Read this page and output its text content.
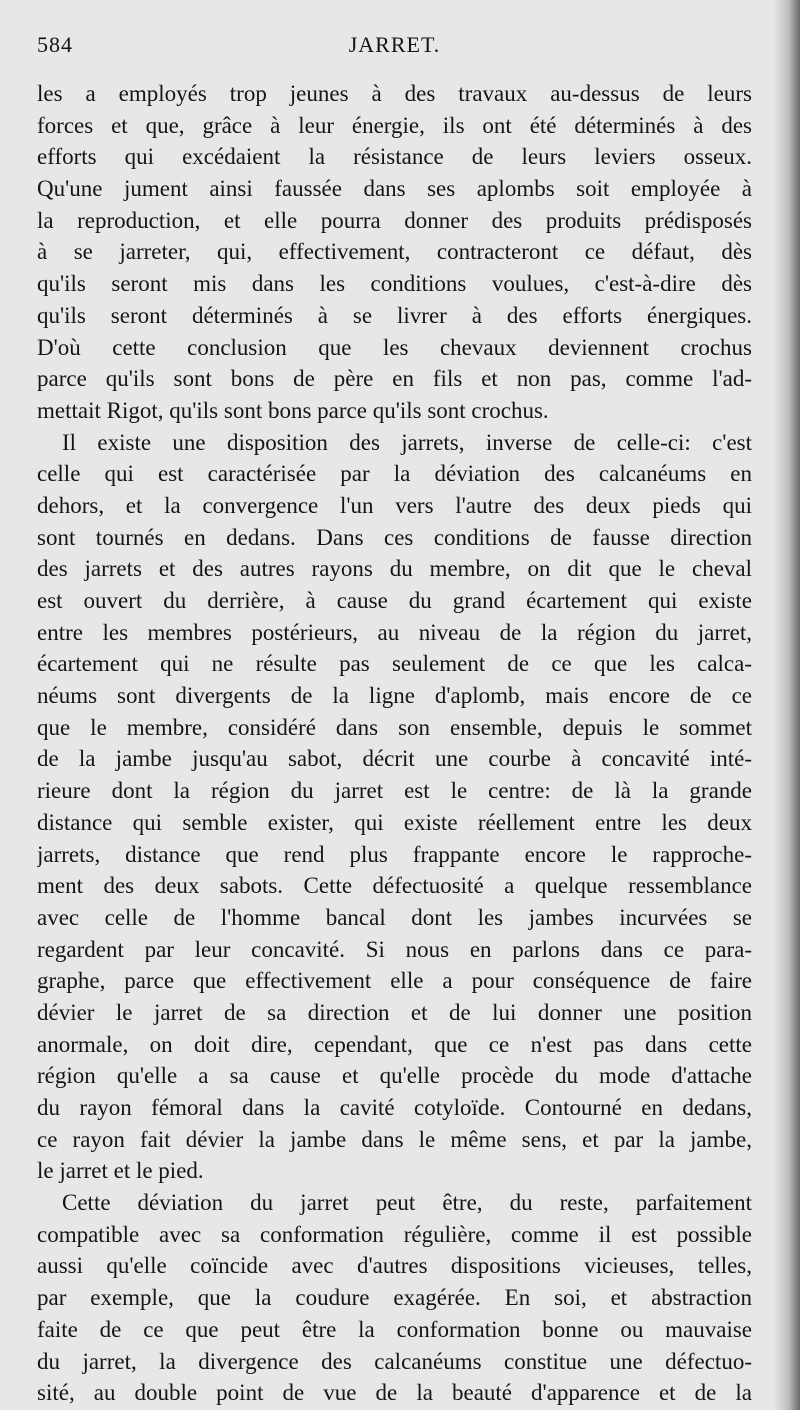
584	JARRET.
les a employés trop jeunes à des travaux au-dessus de leurs
forces et que, grâce à leur énergie, ils ont été déterminés à des
efforts qui excédaient la résistance de leurs leviers osseux.
Qu'une jument ainsi faussée dans ses aplombs soit employée à
la reproduction, et elle pourra donner des produits prédisposés
à se jarreter, qui, effectivement, contracteront ce défaut, dès
qu'ils seront mis dans les conditions voulues, c'est-à-dire dès
qu'ils seront déterminés à se livrer à des efforts énergiques.
D'où cette conclusion que les chevaux deviennent crochus
parce qu'ils sont bons de père en fils et non pas, comme l'ad-
mettait Rigot, qu'ils sont bons parce qu'ils sont crochus.
Il existe une disposition des jarrets, inverse de celle-ci: c'est
celle qui est caractérisée par la déviation des calcanéums en
dehors, et la convergence l'un vers l'autre des deux pieds qui
sont tournés en dedans. Dans ces conditions de fausse direction
des jarrets et des autres rayons du membre, on dit que le cheval
est ouvert du derrière, à cause du grand écartement qui existe
entre les membres postérieurs, au niveau de la région du jarret,
écartement qui ne résulte pas seulement de ce que les calca-
néums sont divergents de la ligne d'aplomb, mais encore de ce
que le membre, considéré dans son ensemble, depuis le sommet
de la jambe jusqu'au sabot, décrit une courbe à concavité inté-
rieure dont la région du jarret est le centre: de là la grande
distance qui semble exister, qui existe réellement entre les deux
jarrets, distance que rend plus frappante encore le rapproche-
ment des deux sabots. Cette défectuosité a quelque ressemblance
avec celle de l'homme bancal dont les jambes incurvées se
regardent par leur concavité. Si nous en parlons dans ce para-
graphe, parce que effectivement elle a pour conséquence de faire
dévier le jarret de sa direction et de lui donner une position
anormale, on doit dire, cependant, que ce n'est pas dans cette
région qu'elle a sa cause et qu'elle procède du mode d'attache
du rayon fémoral dans la cavité cotyloïde. Contourné en dedans,
ce rayon fait dévier la jambe dans le même sens, et par la jambe,
le jarret et le pied.
Cette déviation du jarret peut être, du reste, parfaitement
compatible avec sa conformation régulière, comme il est possible
aussi qu'elle coïncide avec d'autres dispositions vicieuses, telles,
par exemple, que la coudure exagérée. En soi, et abstraction
faite de ce que peut être la conformation bonne ou mauvaise
du jarret, la divergence des calcanéums constitue une défectuo-
sité, au double point de vue de la beauté d'apparence et de la
